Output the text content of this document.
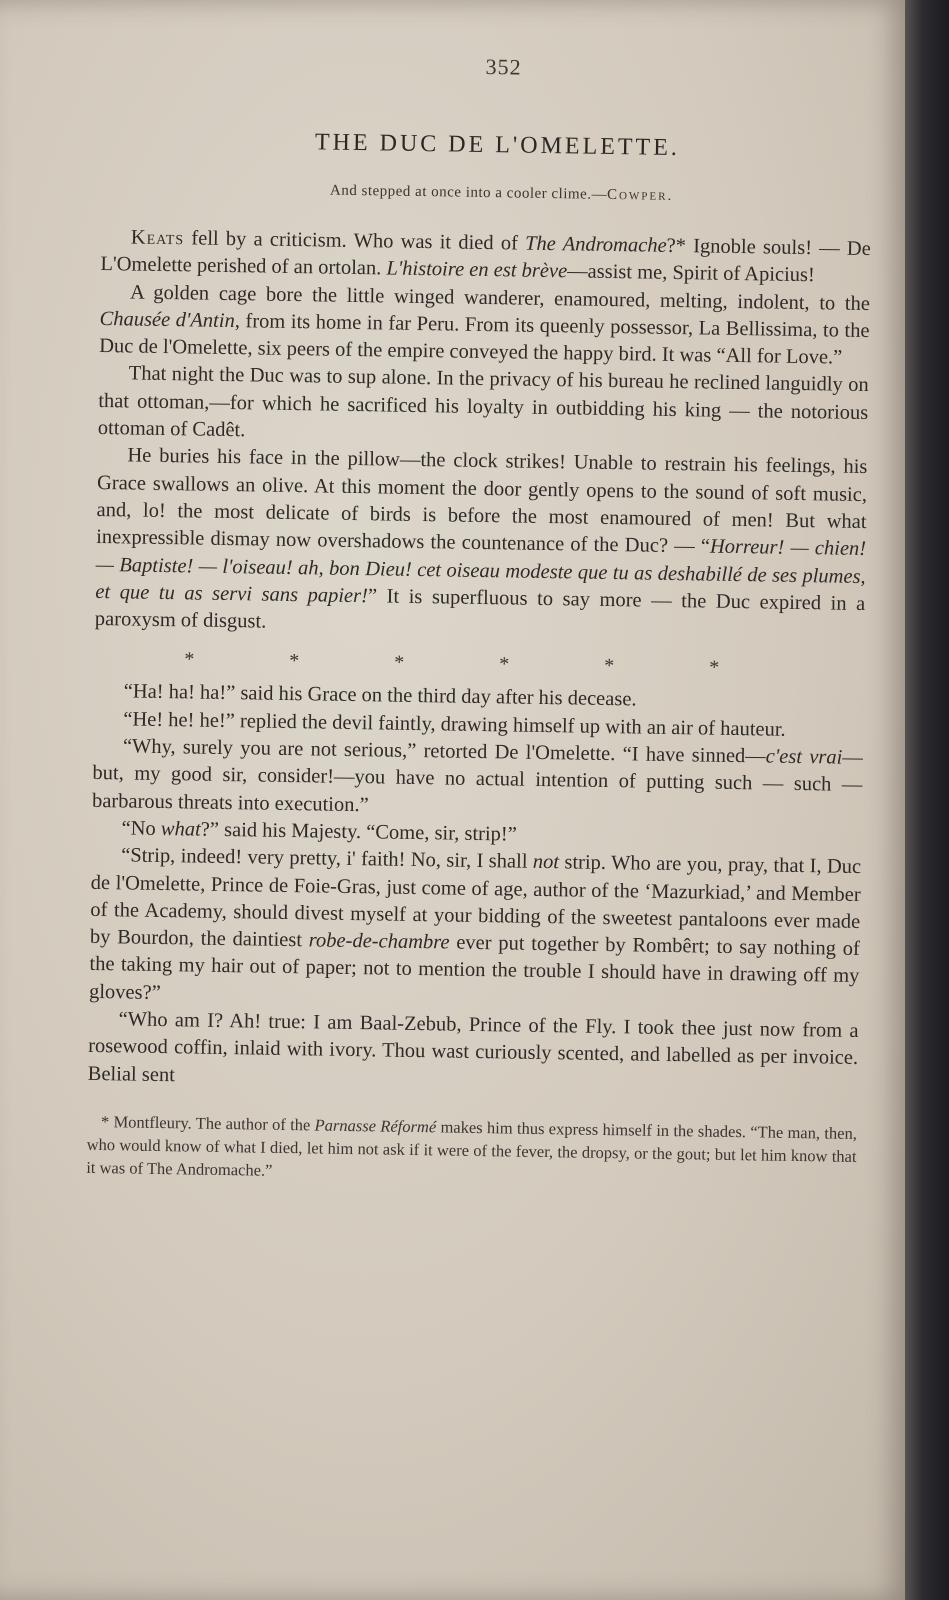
352
THE DUC DE L'OMELETTE.
And stepped at once into a cooler clime.—Cowper.

Keats fell by a criticism. Who was it died of The Andromache?* Ignoble souls! — De L'Omelette perished of an ortolan. L'histoire en est brève—assist me, Spirit of Apicius!

A golden cage bore the little winged wanderer, enamoured, melting, indolent, to the Chausée d'Antin, from its home in far Peru. From its queenly possessor, La Bellissima, to the Duc de l'Omelette, six peers of the empire conveyed the happy bird. It was “All for Love.”

That night the Duc was to sup alone. In the privacy of his bureau he reclined languidly on that ottoman,—for which he sacrificed his loyalty in outbidding his king — the notorious ottoman of Cadêt.

He buries his face in the pillow—the clock strikes! Unable to restrain his feelings, his Grace swallows an olive. At this moment the door gently opens to the sound of soft music, and, lo! the most delicate of birds is before the most enamoured of men! But what inexpressible dismay now overshadows the countenance of the Duc? — “Horreur! — chien! — Baptiste! — l'oiseau! ah, bon Dieu! cet oiseau modeste que tu as deshabillé de ses plumes, et que tu as servi sans papier!” It is superfluous to say more — the Duc expired in a paroxysm of disgust.

* * * * * *

“Ha! ha! ha!” said his Grace on the third day after his decease.

“He! he! he!” replied the devil faintly, drawing himself up with an air of hauteur.

“Why, surely you are not serious,” retorted De l'Omelette. “I have sinned—c'est vrai—but, my good sir, consider!—you have no actual intention of putting such — such — barbarous threats into execution.”

“No what?” said his Majesty. “Come, sir, strip!”

“Strip, indeed! very pretty, i' faith! No, sir, I shall not strip. Who are you, pray, that I, Duc de l'Omelette, Prince de Foie-Gras, just come of age, author of the ‘Mazurkiad,’ and Member of the Academy, should divest myself at your bidding of the sweetest pantaloons ever made by Bourdon, the daintiest robe-de-chambre ever put together by Rombêrt; to say nothing of the taking my hair out of paper; not to mention the trouble I should have in drawing off my gloves?”

“Who am I? Ah! true: I am Baal-Zebub, Prince of the Fly. I took thee just now from a rosewood coffin, inlaid with ivory. Thou wast curiously scented, and labelled as per invoice. Belial sent

* Montfleury. The author of the Parnasse Réformé makes him thus express himself in the shades. “The man, then, who would know of what I died, let him not ask if it were of the fever, the dropsy, or the gout; but let him know that it was of The Andromache.”
